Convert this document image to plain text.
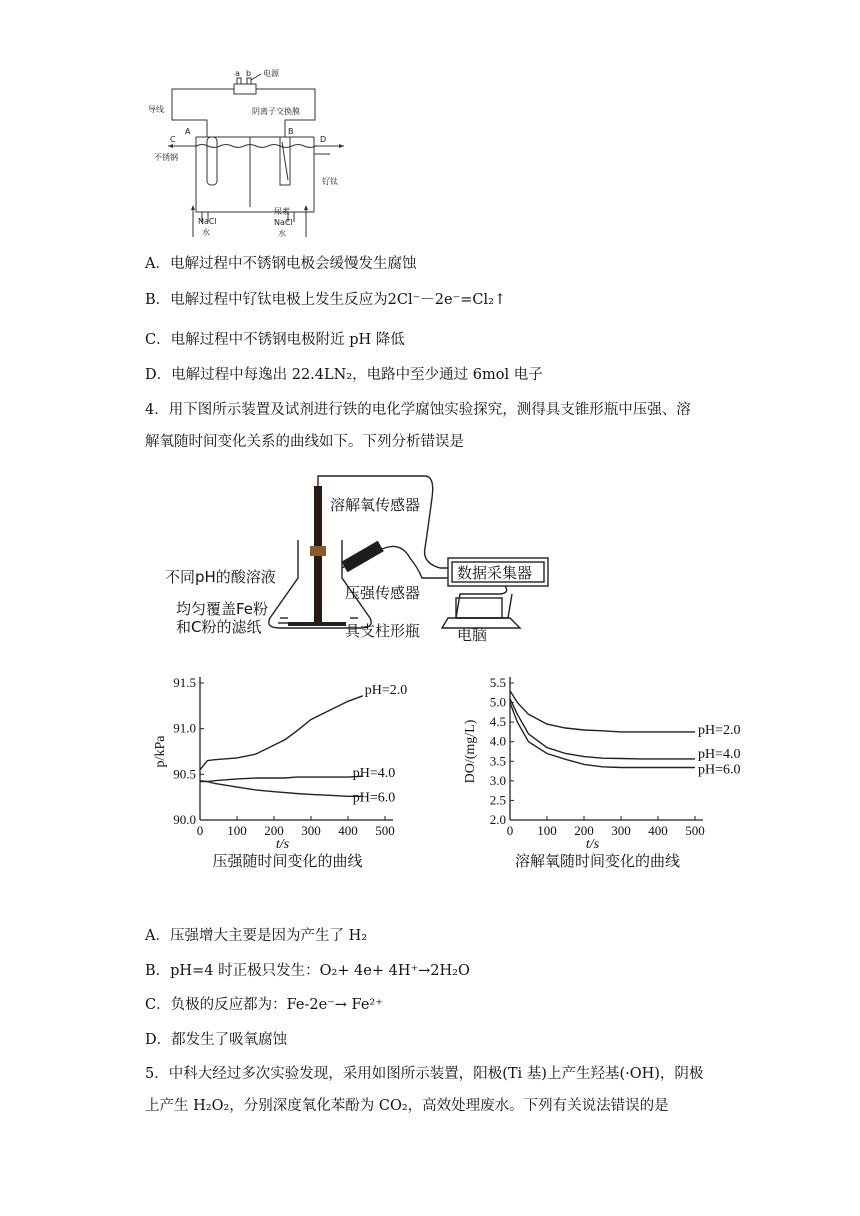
a b 电源
导线	阴离子交换膜
A	B
C	D
不锈钢
钌钛
NaCl
水
尿素
NaCl
水
A．电解过程中不锈钢电极会缓慢发生腐蚀
B．电解过程中钌钛电极上发生反应为2Cl⁻－2e⁻=Cl₂↑
C．电解过程中不锈钢电极附近 pH 降低
D．电解过程中每逸出 22.4LN₂，电路中至少通过 6mol 电子
4．用下图所示装置及试剂进行铁的电化学腐蚀实验探究，测得具支锥形瓶中压强、溶
解氧随时间变化关系的曲线如下。下列分析错误是
溶解氧传感器
不同pH的酸溶液
压强传感器
数据采集器
均匀覆盖Fe粉
和C粉的滤纸	具支柱形瓶 电脑
0 100 200 300 400 500
90.0
90.5
91.0
91.5
t/s
p/kPa
pH=2.0
pH=4.0
pH=6.0
压强随时间变化的曲线
0 100 200 300 400 500
2.0
2.5
3.0
3.5
4.0
4.5
5.0
5.5
t/s
DO/(mg/L)	pH=2.0
pH=4.0
pH=6.0
溶解氧随时间变化的曲线
A．压强增大主要是因为产生了 H₂
B．pH=4 时正极只发生：O₂+ 4e+ 4H⁺→2H₂O
C．负极的反应都为：Fe-2e⁻→ Fe²⁺
D．都发生了吸氧腐蚀
5．中科大经过多次实验发现，采用如图所示装置，阳极(Ti 基)上产生羟基(·OH)，阴极
上产生 H₂O₂，分别深度氧化苯酚为 CO₂，高效处理废水。下列有关说法错误的是
